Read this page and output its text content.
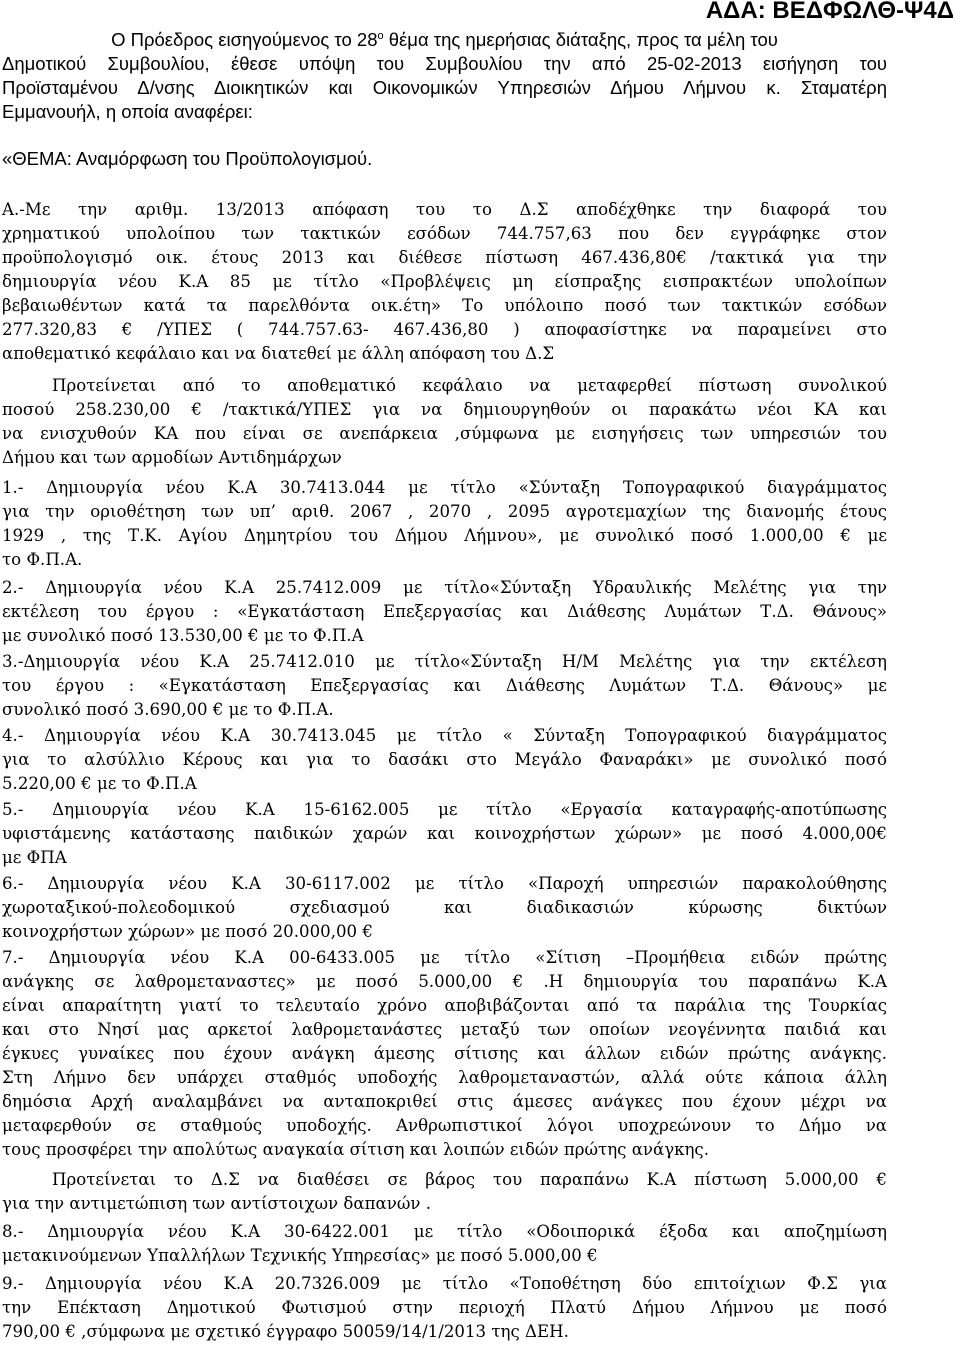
ΑΔΑ: ΒΕΔΦΩΛΘ-Ψ4Δ

Ο Πρόεδρος εισηγούμενος το $28^o$ θέμα της ημερήσιας διάταξης, προς τα μέλη του

Δημοτικού Συμβουλίου, έθεσε υπόψη του Συμβουλίου την από 25-02-2013 εισήγηση του

Προϊσταμένου Δ/νσης Διοικητικών και Οικονομικών Υπηρεσιών Δήμου Λήμνου κ. Σταματέρη

Εμμανουήλ, η οποία αναφέρει:

«ΘΕΜΑ: Αναμόρφωση του Προϋπολογισμού.

Α.-Με την αριθμ. 13/2013 απόφαση του το Δ.Σ αποδέχθηκε την διαφορά του

χρηματικού υπολοίπου των τακτικών εσόδων 744.757,63 που δεν εγγράφηκε στον

προϋπολογισμό οικ. έτους 2013 και διέθεσε πίστωση 467.436,80€ /τακτικά για την

δημιουργία νέου Κ.Α 85 με τίτλο «Προβλέψεις μη είσπραξης εισπρακτέων υπολοίπων

βεβαιωθέντων κατά τα παρελθόντα οικ.έτη» Το υπόλοιπο ποσό των τακτικών εσόδων

277.320,83 € /ΥΠΕΣ ( 744.757.63- 467.436,80 ) αποφασίστηκε να παραμείνει στο

αποθεματικό κεφάλαιο και να διατεθεί με άλλη απόφαση του Δ.Σ

Προτείνεται από το αποθεματικό κεφάλαιο να μεταφερθεί πίστωση συνολικού

ποσού 258.230,00 € /τακτικά/ΥΠΕΣ για να δημιουργηθούν οι παρακάτω νέοι ΚΑ και

να ενισχυθούν ΚΑ που είναι σε ανεπάρκεια ,σύμφωνα με εισηγήσεις των υπηρεσιών του

Δήμου και των αρμοδίων Αντιδημάρχων

1.- Δημιουργία νέου Κ.Α 30.7413.044 με τίτλο «Σύνταξη Τοπογραφικού διαγράμματος

για την οριοθέτηση των υπ’ αριθ. 2067 , 2070 , 2095 αγροτεμαχίων της διανομής έτους

1929 , της Τ.Κ. Αγίου Δημητρίου του Δήμου Λήμνου», με συνολικό ποσό 1.000,00 € με

το Φ.Π.Α.

2.- Δημιουργία νέου Κ.Α 25.7412.009 με τίτλο«Σύνταξη Υδραυλικής Μελέτης για την

εκτέλεση του έργου : «Εγκατάσταση Επεξεργασίας και Διάθεσης Λυμάτων Τ.Δ. Θάνους»

με συνολικό ποσό 13.530,00 € με το Φ.Π.Α

3.-Δημιουργία νέου Κ.Α 25.7412.010 με τίτλο«Σύνταξη Η/Μ Μελέτης για την εκτέλεση

του έργου : «Εγκατάσταση Επεξεργασίας και Διάθεσης Λυμάτων Τ.Δ. Θάνους» με

συνολικό ποσό 3.690,00 € με το Φ.Π.Α.

4.- Δημιουργία νέου Κ.Α 30.7413.045 με τίτλο « Σύνταξη Τοπογραφικού διαγράμματος

για το αλσύλλιο Κέρους και για το δασάκι στο Μεγάλο Φαναράκι» με συνολικό ποσό

5.220,00 € με το Φ.Π.Α

5.- Δημιουργία νέου Κ.Α 15-6162.005 με τίτλο «Εργασία καταγραφής-αποτύπωσης

υφιστάμενης κατάστασης παιδικών χαρών και κοινοχρήστων χώρων» με ποσό 4.000,00€

με ΦΠΑ

6.- Δημιουργία νέου Κ.Α 30-6117.002 με τίτλο «Παροχή υπηρεσιών παρακολούθησης

χωροταξικού-πολεοδομικού σχεδιασμού και διαδικασιών κύρωσης δικτύων

κοινοχρήστων χώρων» με ποσό 20.000,00 €

7.- Δημιουργία νέου Κ.Α 00-6433.005 με τίτλο «Σίτιση –Προμήθεια ειδών πρώτης

ανάγκης σε λαθρομεταναστες» με ποσό 5.000,00 € .Η δημιουργία του παραπάνω Κ.Α

είναι απαραίτητη γιατί το τελευταίο χρόνο αποβιβάζονται από τα παράλια της Τουρκίας

και στο Νησί μας αρκετοί λαθρομετανάστες μεταξύ των οποίων νεογέννητα παιδιά και

έγκυες γυναίκες που έχουν ανάγκη άμεσης σίτισης και άλλων ειδών πρώτης ανάγκης.

Στη Λήμνο δεν υπάρχει σταθμός υποδοχής λαθρομεταναστών, αλλά ούτε κάποια άλλη

δημόσια Αρχή αναλαμβάνει να ανταποκριθεί στις άμεσες ανάγκες που έχουν μέχρι να

μεταφερθούν σε σταθμούς υποδοχής. Ανθρωπιστικοί λόγοι υποχρεώνουν το Δήμο να

τους προσφέρει την απολύτως αναγκαία σίτιση και λοιπών ειδών πρώτης ανάγκης.

Προτείνεται το Δ.Σ να διαθέσει σε βάρος του παραπάνω Κ.Α πίστωση 5.000,00 €

για την αντιμετώπιση των αντίστοιχων δαπανών .

8.- Δημιουργία νέου Κ.Α 30-6422.001 με τίτλο «Οδοιπορικά έξοδα και αποζημίωση

μετακινούμενων Υπαλλήλων Τεχνικής Υπηρεσίας» με ποσό 5.000,00 €

9.- Δημιουργία νέου Κ.Α 20.7326.009 με τίτλο «Τοποθέτηση δύο επιτοίχιων Φ.Σ για

την Επέκταση Δημοτικού Φωτισμού στην περιοχή Πλατύ Δήμου Λήμνου με ποσό

790,00 € ,σύμφωνα με σχετικό έγγραφο 50059/14/1/2013 της ΔΕΗ.
